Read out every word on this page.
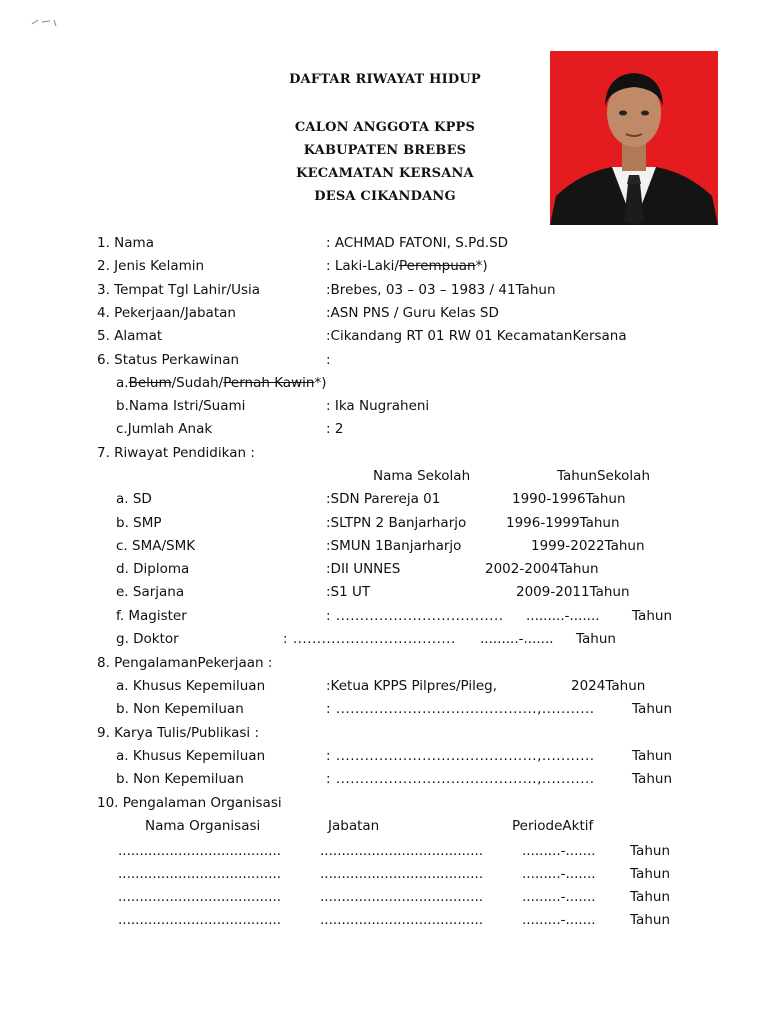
DAFTAR RIWAYAT HIDUP
CALON ANGGOTA KPPS
KABUPATEN BREBES
KECAMATAN KERSANA
DESA CIKANDANG
1. Nama	: ACHMAD FATONI, S.Pd.SD
2. Jenis Kelamin	: Laki-Laki/Perempuan*)
3. Tempat Tgl Lahir/Usia	:Brebes, 03 – 03 – 1983 / 41Tahun
4. Pekerjaan/Jabatan	:ASN PNS / Guru Kelas SD
5. Alamat	:Cikandang RT 01 RW 01 KecamatanKersana
6. Status Perkawinan	:
a.Belum/Sudah/Pernah Kawin*)
b.Nama Istri/Suami	: Ika Nugraheni
c.Jumlah Anak	: 2
7. Riwayat Pendidikan :
Nama Sekolah	TahunSekolah
a. SD	:SDN Parereja 01	1990-1996Tahun
b. SMP	:SLTPN 2 Banjarharjo	1996-1999Tahun
c. SMA/SMK	:SMUN 1Banjarharjo	1999-2022Tahun
d. Diploma	:DII UNNES	2002-2004Tahun
e. Sarjana	:S1 UT	2009-2011Tahun
f. Magister	: ................................... .........-....... Tahun
g. Doktor	: .................................. .........-....... Tahun
8. PengalamanPekerjaan :
a. Khusus Kepemiluan	:Ketua KPPS Pilpres/Pileg,	2024Tahun
b. Non Kepemiluan	: ..........................................,...........	Tahun
9. Karya Tulis/Publikasi :
a. Khusus Kepemiluan	: ..........................................,...........	Tahun
b. Non Kepemiluan	: ..........................................,...........	Tahun
10. Pengalaman Organisasi
Nama Organisasi	Jabatan	PeriodeAktif
......................................	......................................	.........-.......	Tahun
......................................	......................................	.........-.......	Tahun
......................................	......................................	.........-.......	Tahun
......................................	......................................	.........-.......	Tahun
